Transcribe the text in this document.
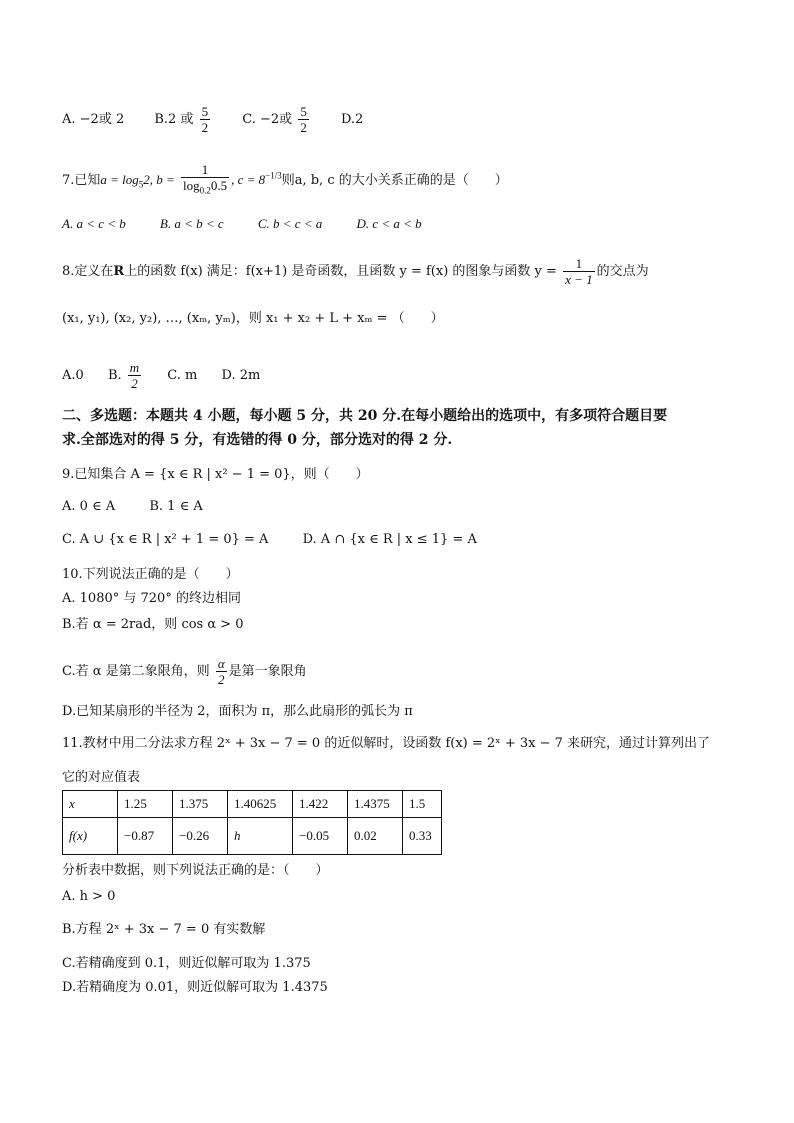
A. −2或 2 B.2 或 $\frac{5}{2} C$. −2或 $\frac{5}{2} D.2$
7.已知$a = \log_52$, $b = \frac{1}{\log_{0.2}0.5}$ , $c = 8^{-1/3}$则a, b, c 的大小关系正确的是（　　）
A. a < c < b	B. a < b < c	C. b < c < a	D. c < a < b
8.定义在R上的函数 f(x) 满足：f(x+1) 是奇函数，且函数 y = f(x) 的图象与函数 $y = \frac{1}{x - 1}$ 的交点为
(x₁, y₁), (x₂, y₂), …, (xₘ, yₘ)，则 x₁ + x₂ + L + xₘ = （　　）
A.0 B. $\frac{m}{2} C$. m D. 2m
二、多选题：本题共 4 小题，每小题 5 分，共 20 分.在每小题给出的选项中，有多项符合题目要
求.全部选对的得 5 分，有选错的得 0 分，部分选对的得 2 分.
9.已知集合 A = {x ∈ R | x² − 1 = 0}，则（　　）
A. 0 ∈ A	B. 1 ∈ A
C. A ∪ {x ∈ R | x² + 1 = 0} = A	D. A ∩ {x ∈ R | x ≤ 1} = A
10.下列说法正确的是（　　）
A. 1080° 与 720° 的终边相同
B.若 α = 2rad，则 cos α > 0
C.若 α 是第二象限角，则 $\frac{\alpha}{2}$ 是第一象限角
D.已知某扇形的半径为 2，面积为 π，那么此扇形的弧长为 π
11.教材中用二分法求方程 2ˣ + 3x − 7 = 0 的近似解时，设函数 f(x) = 2ˣ + 3x − 7 来研究，通过计算列出了
它的对应值表
x	1.25	1.375	1.40625	1.422	1.4375	1.5
f(x)	−0.87	−0.26	h	−0.05	0.02	0.33
分析表中数据，则下列说法正确的是：（　　）
A. h > 0
B.方程 2ˣ + 3x − 7 = 0 有实数解
C.若精确度到 0.1，则近似解可取为 1.375
D.若精确度为 0.01，则近似解可取为 1.4375
